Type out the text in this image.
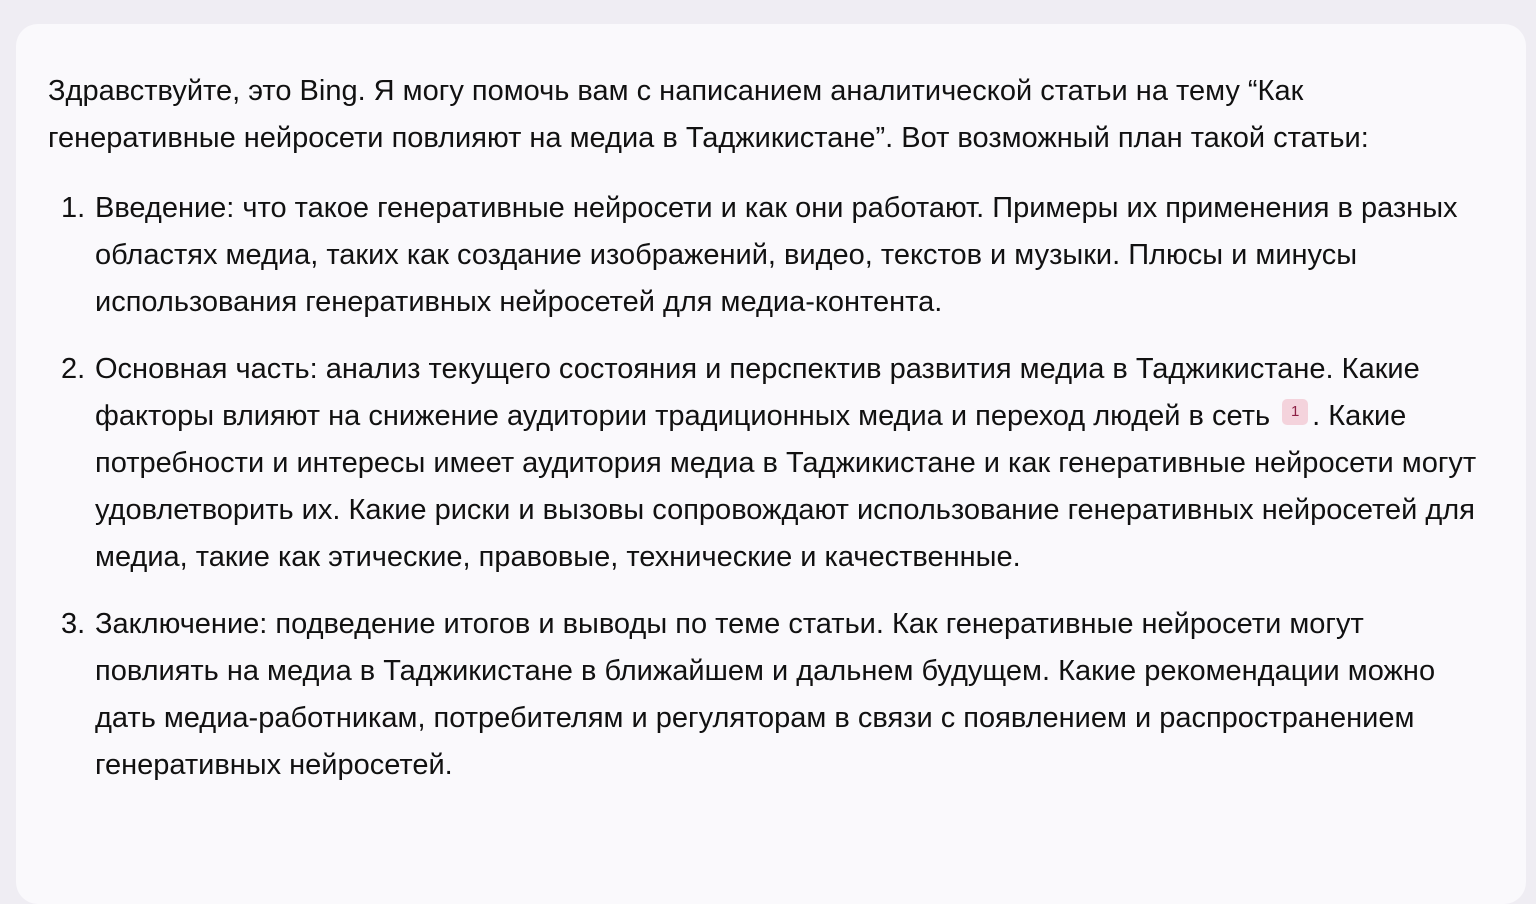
Здравствуйте, это Bing. Я могу помочь вам с написанием аналитической статьи на тему “Как генеративные нейросети повлияют на медиа в Таджикистане”. Вот возможный план такой статьи:

1. Введение: что такое генеративные нейросети и как они работают. Примеры их применения в разных областях медиа, таких как создание изображений, видео, текстов и музыки. Плюсы и минусы использования генеративных нейросетей для медиа-контента.
2. Основная часть: анализ текущего состояния и перспектив развития медиа в Таджикистане. Какие факторы влияют на снижение аудитории традиционных медиа и переход людей в сеть 1 . Какие потребности и интересы имеет аудитория медиа в Таджикистане и как генеративные нейросети могут удовлетворить их. Какие риски и вызовы сопровождают использование генеративных нейросетей для медиа, такие как этические, правовые, технические и качественные.
3. Заключение: подведение итогов и выводы по теме статьи. Как генеративные нейросети могут повлиять на медиа в Таджикистане в ближайшем и дальнем будущем. Какие рекомендации можно дать медиа-работникам, потребителям и регуляторам в связи с появлением и распространением генеративных нейросетей.
